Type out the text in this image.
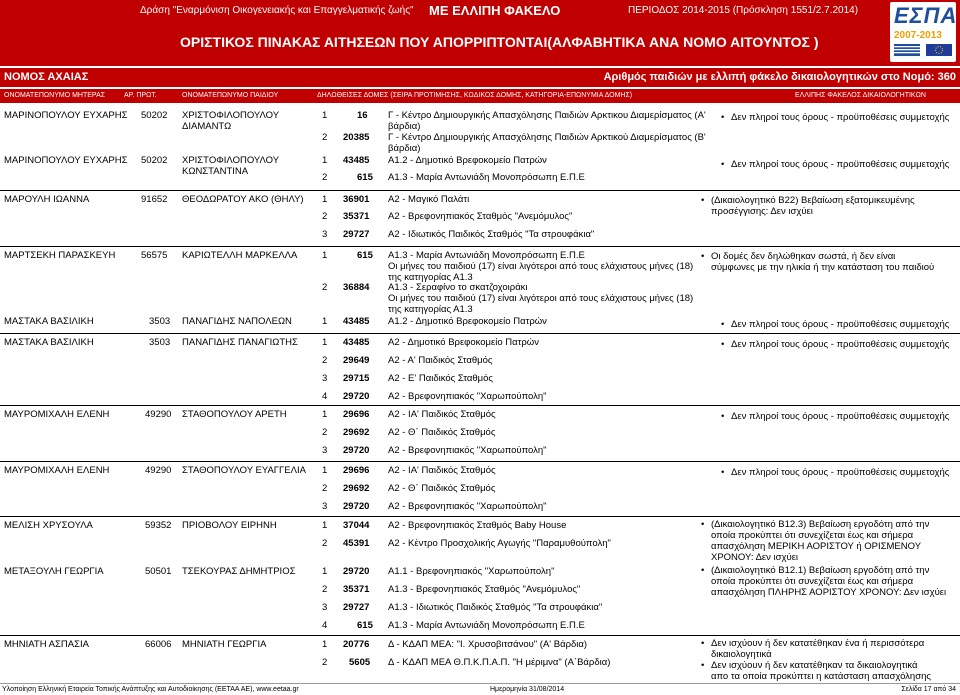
Δράση "Εναρμόνιση Οικογενειακής και Επαγγελματικής ζωής" ΜΕ ΕΛΛΙΠΗ ΦΑΚΕΛΟ	ΠΕΡΙΟΔΟΣ 2014-2015 (Πρόσκληση 1551/2.7.2014)
ΟΡΙΣΤΙΚΟΣ ΠΙΝΑΚΑΣ ΑΙΤΗΣΕΩΝ ΠΟΥ ΑΠΟΡΡΙΠΤΟΝΤΑΙ(ΑΛΦΑΒΗΤΙΚΑ ΑΝΑ ΝΟΜΟ ΑΙΤΟΥΝΤΟΣ )
ΕΣΠΑ
2007-2013
ΝΟΜΟΣ ΑΧΑΙΑΣ	Αριθμός παιδιών με ελλιπή φάκελο δικαιολογητικών στο Νομό: 360
ΟΝΟΜΑΤΕΠΩΝΥΜΟ ΜΗΤΕΡΑΣ	ΑΡ. ΠΡΩΤ.	ΟΝΟΜΑΤΕΠΩΝΥΜΟ ΠΑΙΔΙΟΥ	ΔΗΛΩΘΕΙΣΕΣ ΔΟΜΕΣ (ΣΕΙΡΑ ΠΡΟΤΙΜΗΣΗΣ, ΚΩΔΙΚΟΣ ΔΟΜΗΣ, ΚΑΤΗΓΟΡΙΑ-ΕΠΩΝΥΜΙΑ ΔΟΜΗΣ)	ΕΛΛΙΠΗΣ ΦΑΚΕΛΟΣ ΔΙΚΑΙΟΛΟΓΗΤΙΚΩΝ
ΜΑΡΙΝΟΠΟΥΛΟΥ ΕΥΧΑΡΗΣ 50202 ΧΡΙΣΤΟΦΙΛΟΠΟΥΛΟΥ
ΔΙΑΜΑΝΤΩ
1	16 Γ - Κέντρο Δημιουργικής Απασχόλησης Παιδιών Αρκτικου Διαμερίσματος (Α'
βάρδια)
2 20385 Γ - Κέντρο Δημιουργικής Απασχόλησης Παιδιών Αρκτικού Διαμερίσματος (Β'
βάρδια)
• Δεν πληροί τους όρους - προϋποθέσεις συμμετοχής
ΜΑΡΙΝΟΠΟΥΛΟΥ ΕΥΧΑΡΗΣ 50202 ΧΡΙΣΤΟΦΙΛΟΠΟΥΛΟΥ
ΚΩΝΣΤΑΝΤΙΝΑ
1 43485 Α1.2 - Δημοτικό Βρεφοκομείο Πατρών
2	615 Α1.3 - Μαρία Αντωνιάδη Μονοπρόσωπη Ε.Π.Ε
• Δεν πληροί τους όρους - προϋποθέσεις συμμετοχής
ΜΑΡΟΥΛΗ ΙΩΑΝΝΑ	91652 ΘΕΟΔΩΡΑΤΟΥ ΑΚΟ (ΘΗΛΥ) 1 36901 Α2 - Μαγικό Παλάτι
2 35371 Α2 - Βρεφονηπιακός Σταθμός "Ανεμόμυλος"
3 29727 Α2 - Ιδιωτικός Παιδικός Σταθμός "Τα στρουφάκια"
• (Δικαιολογητικό Β22) Βεβαίωση εξατομικευμένης
προσέγγισης: Δεν ισχύει
ΜΑΡΤΣΕΚΗ ΠΑΡΑΣΚΕΥΗ	56575 ΚΑΡΙΩΤΕΛΛΗ ΜΑΡΚΕΛΛΑ	1	615 Α1.3 - Μαρία Αντωνιάδη Μονοπρόσωπη Ε.Π.Ε
Οι μήνες του παιδιού (17) είναι λιγότεροι από τους ελάχιστους μήνες (18)
της κατηγορίας Α1.3
2 36884 Α1.3 - Σεραφίνο το σκατζοχοιράκι
Οι μήνες του παιδιού (17) είναι λιγότεροι από τους ελάχιστους μήνες (18)
της κατηγορίας Α1.3
• Οι δομές δεν δηλώθηκαν σωστά, ή δεν είναι
σύμφωνες με την ηλικία ή την κατάσταση του παιδιού
ΜΑΣΤΑΚΑ ΒΑΣΙΛΙΚΗ	3503 ΠΑΝΑΓΙΔΗΣ ΝΑΠΟΛΕΩΝ	1 43485 Α1.2 - Δημοτικό Βρεφοκομείο Πατρών
•	Δεν πληροί τους όρους - προϋποθέσεις συμμετοχής
ΜΑΣΤΑΚΑ ΒΑΣΙΛΙΚΗ	3503 ΠΑΝΑΓΙΔΗΣ ΠΑΝΑΓΙΩΤΗΣ	1 43485 Α2 - Δημοτικό Βρεφοκομείο Πατρών
2 29649 Α2 - Α' Παιδικός Σταθμός
3 29715 Α2 - Ε' Παιδικός Σταθμός
4 29720 Α2 - Βρεφονηπιακός "Χαρωπούπολη"
• Δεν πληροί τους όρους - προϋποθέσεις συμμετοχής
ΜΑΥΡΟΜΙΧΑΛΗ ΕΛΕΝΗ	49290 ΣΤΑΘΟΠΟΥΛΟΥ ΑΡΕΤΗ	1 29696 Α2 - ΙΑ' Παιδικός Σταθμός
2 29692 Α2 - Θ΄ Παιδικός Σταθμός
3 29720 Α2 - Βρεφονηπιακός "Χαρωπούπολη"
• Δεν πληροί τους όρους - προϋποθέσεις συμμετοχής
ΜΑΥΡΟΜΙΧΑΛΗ ΕΛΕΝΗ	49290 ΣΤΑΘΟΠΟΥΛΟΥ ΕΥΑΓΓΕΛΙΑ 1 29696 Α2 - ΙΑ' Παιδικός Σταθμός
2 29692 Α2 - Θ΄ Παιδικός Σταθμός
3 29720 Α2 - Βρεφονηπιακός "Χαρωπούπολη"
• Δεν πληροί τους όρους - προϋποθέσεις συμμετοχής
ΜΕΛΙΣΗ ΧΡΥΣΟΥΛΑ	59352 ΠΡΙΟΒΟΛΟΥ ΕΙΡΗΝΗ	1 37044 Α2 - Βρεφονηπιακός Σταθμός Baby House
2 45391 Α2 - Κέντρο Προσχολικής Αγωγής "Παραμυθούπολη"
• (Δικαιολογητικό Β12.3) Βεβαίωση εργοδότη από την
οποία προκύπτει ότι συνεχίζεται έως και σήμερα
απασχόληση ΜΕΡΙΚΗ ΑΟΡΙΣΤΟΥ ή ΟΡΙΣΜΕΝΟΥ
ΧΡΟΝΟΥ: Δεν ισχύει
ΜΕΤΑΞΟΥΛΗ ΓΕΩΡΓΙΑ	50501 ΤΣΕΚΟΥΡΑΣ ΔΗΜΗΤΡΙΟΣ	1 29720 Α1.1 - Βρεφονηπιακός "Χαρωπούπολη"
2 35371 Α1.3 - Βρεφονηπιακός Σταθμός "Ανεμόμυλος"
3 29727 Α1.3 - Ιδιωτικός Παιδικός Σταθμός "Τα στρουφάκια"
4	615 Α1.3 - Μαρία Αντωνιάδη Μονοπρόσωπη Ε.Π.Ε
• (Δικαιολογητικό Β12.1) Βεβαίωση εργοδότη από την
οποία προκύπτει ότι συνεχίζεται έως και σήμερα
απασχόληση ΠΛΗΡΗΣ ΑΟΡΙΣΤΟΥ ΧΡΟΝΟΥ: Δεν ισχύει
ΜΗΝΙΑΤΗ ΑΣΠΑΣΙΑ	66006 ΜΗΝΙΑΤΗ ΓΕΩΡΓΙΑ	1 20776 Δ - ΚΔΑΠ ΜΕΑ: "Ι. Χρυσοβιτσάνου" (Α' Βάρδια)
2 5605 Δ - ΚΔΑΠ ΜΕΑ Θ.Π.Κ.Π.Α.Π. "Η μέριμνα" (Α΄Βάρδια)
• Δεν ισχύουν ή δεν κατατέθηκαν ένα ή περισσότερα
δικαιολογητικά
• Δεν ισχύουν ή δεν κατατέθηκαν τα δικαιολογητικά
απο τα οποία προκύπτει η κατάσταση απασχόλησης
Υλοποίηση Ελληνική Εταιρεία Τοπικής Ανάπτυξης και Αυτοδιοίκησης (ΕΕΤΑΑ ΑΕ), www.eetaa.gr	Ημερομηνία 31/08/2014	Σελίδα 17 από 34
